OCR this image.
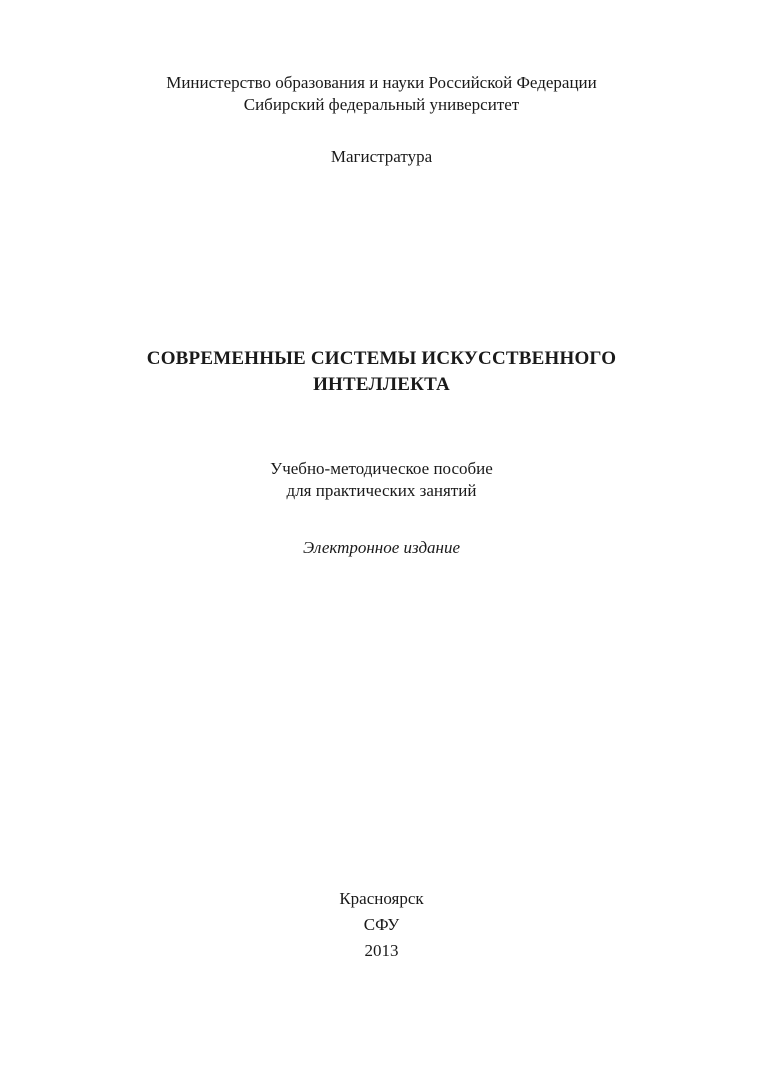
Министерство образования и науки Российской Федерации
Сибирский федеральный университет
Магистратура
СОВРЕМЕННЫЕ СИСТЕМЫ ИСКУССТВЕННОГО
ИНТЕЛЛЕКТА
Учебно-методическое пособие
для практических занятий
Электронное издание
Красноярск
СФУ
2013
